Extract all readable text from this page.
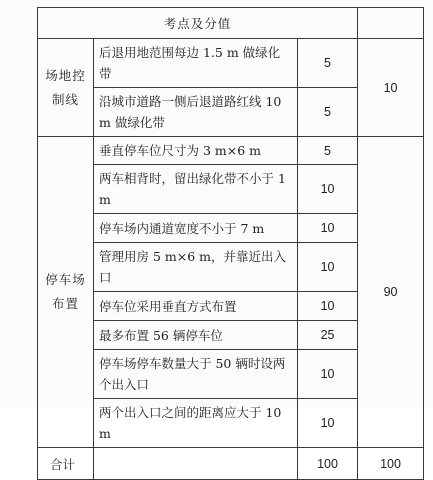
考点及分值			
场地控
制线	后退用地范围每边 1.5 m 做绿化带	5	10
	沿城市道路一侧后退道路红线 10 m 做绿化带	5	
停车场
布置	垂直停车位尺寸为 3 m×6 m	5	90
	两车相背时，留出绿化带不小于 1 m	10	
	停车场内通道宽度不小于 7 m	10	
	管理用房 5 m×6 m，并靠近出入口	10	
	停车位采用垂直方式布置	10	
	最多布置 56 辆停车位	25	
	停车场停车数量大于 50 辆时设两个出入口	10	
	两个出入口之间的距离应大于 10 m	10	
合计		100	100
